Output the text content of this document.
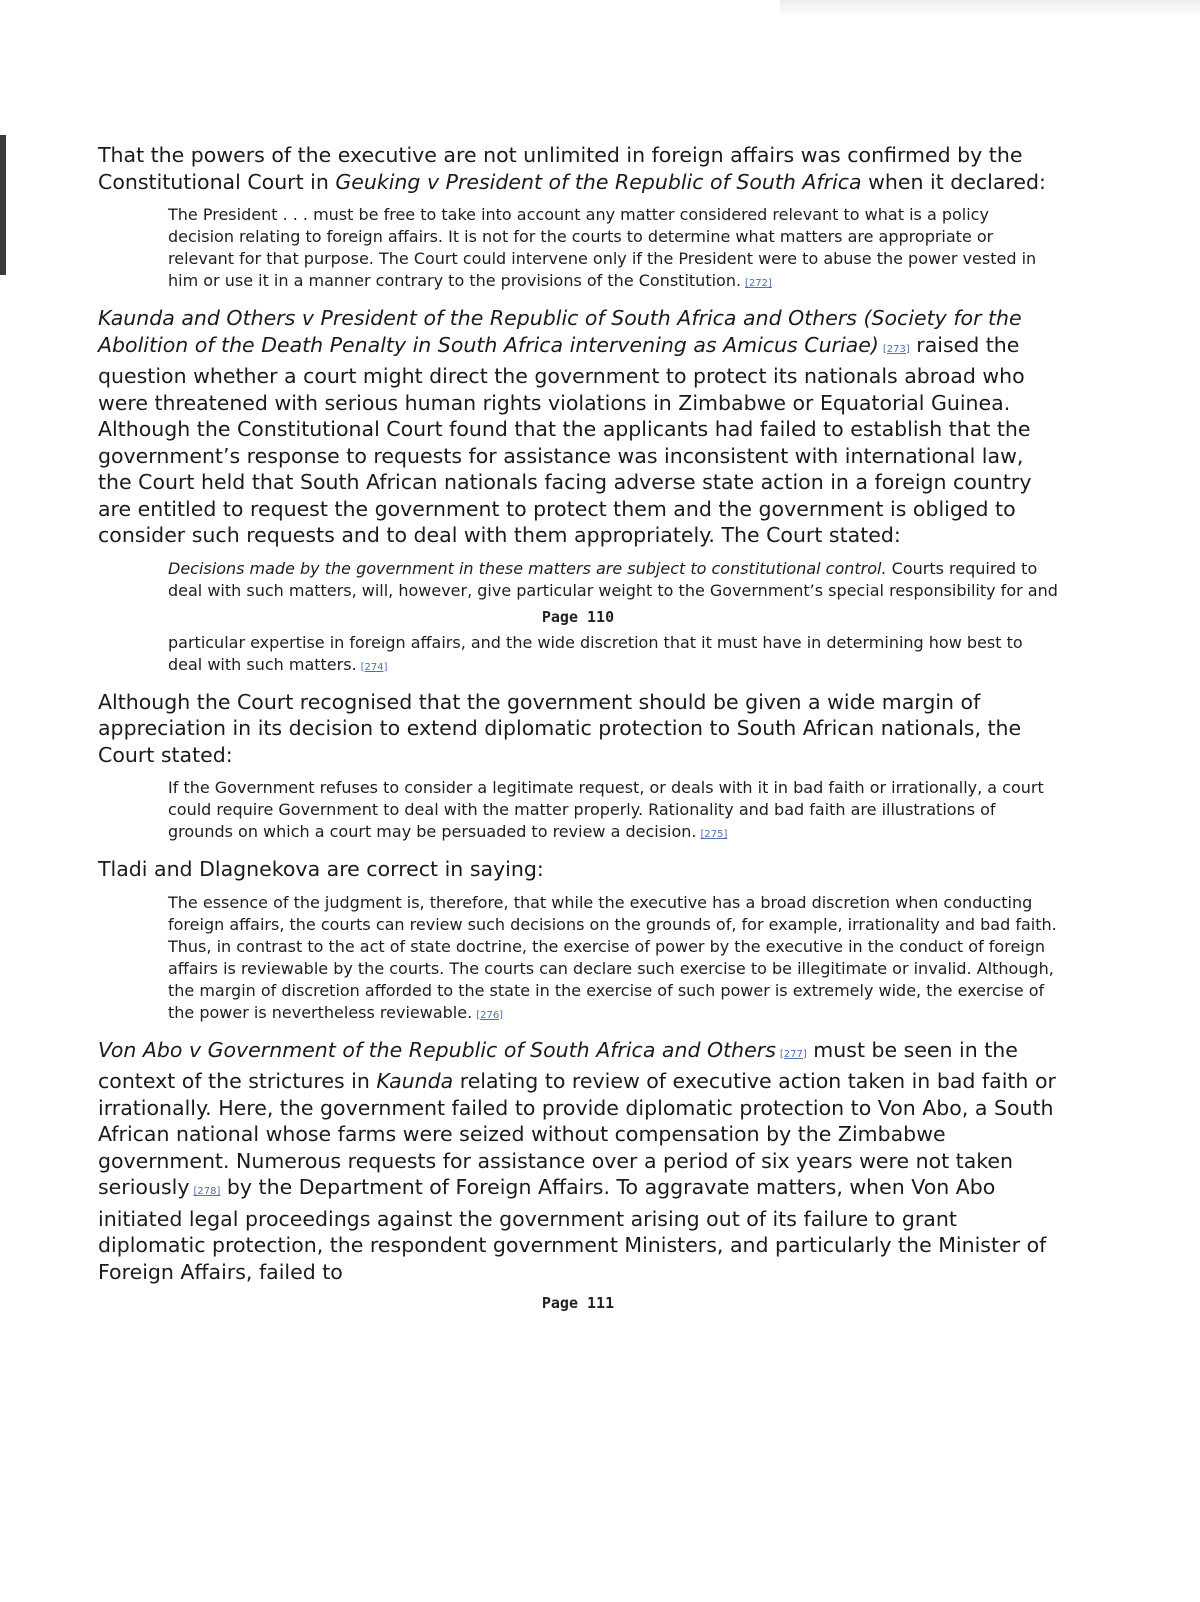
That the powers of the executive are not unlimited in foreign affairs was confirmed by the Constitutional Court in Geuking v President of the Republic of South Africa when it declared:

The President . . . must be free to take into account any matter considered relevant to what is a policy decision relating to foreign affairs. It is not for the courts to determine what matters are appropriate or relevant for that purpose. The Court could intervene only if the President were to abuse the power vested in him or use it in a manner contrary to the provisions of the Constitution. [272]

Kaunda and Others v President of the Republic of South Africa and Others (Society for the Abolition of the Death Penalty in South Africa intervening as Amicus Curiae) [273] raised the question whether a court might direct the government to protect its nationals abroad who were threatened with serious human rights violations in Zimbabwe or Equatorial Guinea. Although the Constitutional Court found that the applicants had failed to establish that the government’s response to requests for assistance was inconsistent with international law, the Court held that South African nationals facing adverse state action in a foreign country are entitled to request the government to protect them and the government is obliged to consider such requests and to deal with them appropriately. The Court stated:

Decisions made by the government in these matters are subject to constitutional control. Courts required to deal with such matters, will, however, give particular weight to the Government’s special responsibility for and

Page 110

particular expertise in foreign affairs, and the wide discretion that it must have in determining how best to deal with such matters. [274]

Although the Court recognised that the government should be given a wide margin of appreciation in its decision to extend diplomatic protection to South African nationals, the Court stated:

If the Government refuses to consider a legitimate request, or deals with it in bad faith or irrationally, a court could require Government to deal with the matter properly. Rationality and bad faith are illustrations of grounds on which a court may be persuaded to review a decision. [275]

Tladi and Dlagnekova are correct in saying:

The essence of the judgment is, therefore, that while the executive has a broad discretion when conducting foreign affairs, the courts can review such decisions on the grounds of, for example, irrationality and bad faith. Thus, in contrast to the act of state doctrine, the exercise of power by the executive in the conduct of foreign affairs is reviewable by the courts. The courts can declare such exercise to be illegitimate or invalid. Although, the margin of discretion afforded to the state in the exercise of such power is extremely wide, the exercise of the power is nevertheless reviewable. [276]

Von Abo v Government of the Republic of South Africa and Others [277] must be seen in the context of the strictures in Kaunda relating to review of executive action taken in bad faith or irrationally. Here, the government failed to provide diplomatic protection to Von Abo, a South African national whose farms were seized without compensation by the Zimbabwe government. Numerous requests for assistance over a period of six years were not taken seriously [278] by the Department of Foreign Affairs. To aggravate matters, when Von Abo initiated legal proceedings against the government arising out of its failure to grant diplomatic protection, the respondent government Ministers, and particularly the Minister of Foreign Affairs, failed to

Page 111
